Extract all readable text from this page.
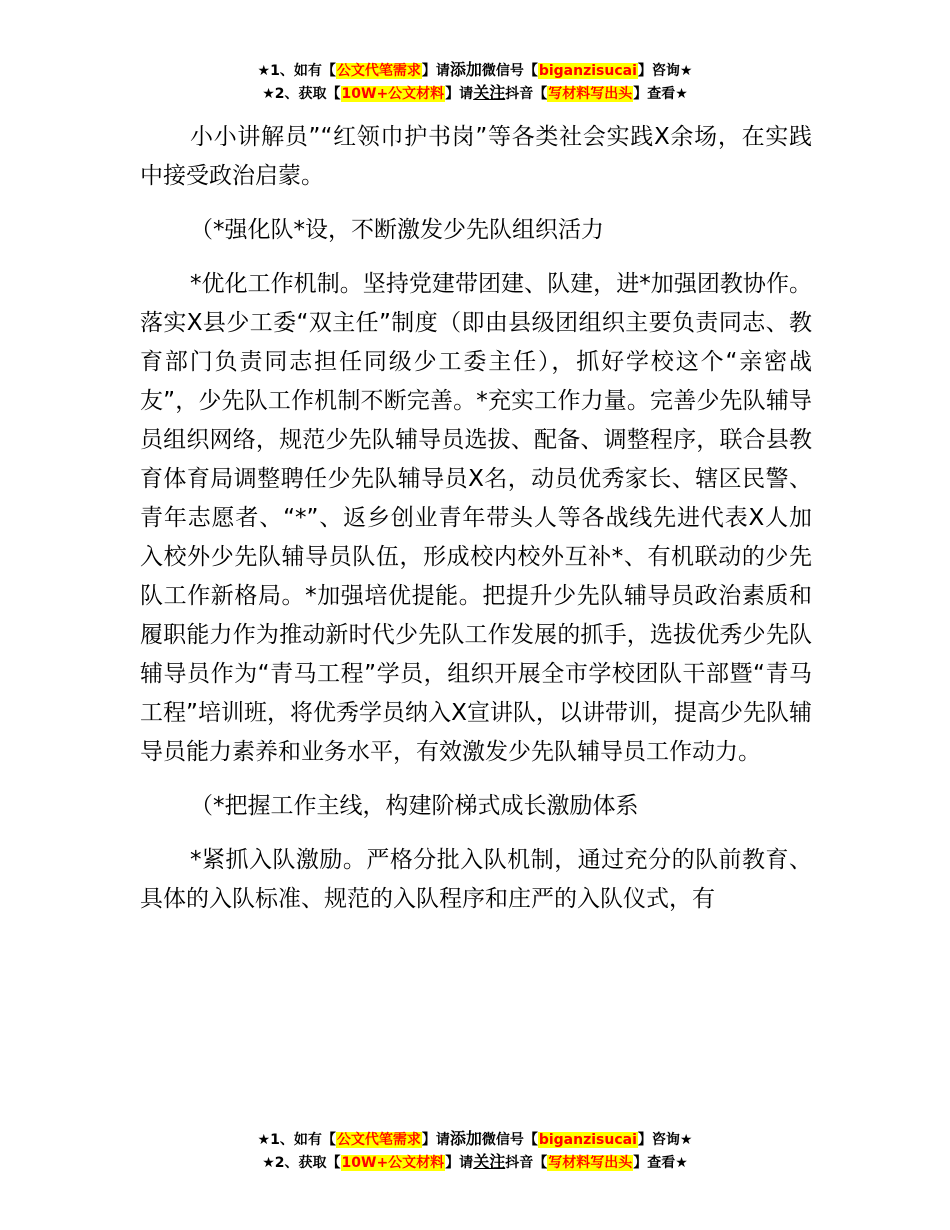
★1、如有【公文代笔需求】请添加微信号【biganzisucai】咨询★
★2、获取【10W+公文材料】请关注抖音【写材料写出头】查看★

小小讲解员”“红领巾护书岗”等各类社会实践X余场，在实践中接受政治启蒙。

（*强化队*设，不断激发少先队组织活力

*优化工作机制。坚持党建带团建、队建，进*加强团教协作。落实X县少工委“双主任”制度（即由县级团组织主要负责同志、教育部门负责同志担任同级少工委主任），抓好学校这个“亲密战友”，少先队工作机制不断完善。*充实工作力量。完善少先队辅导员组织网络，规范少先队辅导员选拔、配备、调整程序，联合县教育体育局调整聘任少先队辅导员X名，动员优秀家长、辖区民警、青年志愿者、“*”、返乡创业青年带头人等各战线先进代表X人加入校外少先队辅导员队伍，形成校内校外互补*、有机联动的少先队工作新格局。*加强培优提能。把提升少先队辅导员政治素质和履职能力作为推动新时代少先队工作发展的抓手，选拔优秀少先队辅导员作为“青马工程”学员，组织开展全市学校团队干部暨“青马工程”培训班，将优秀学员纳入X宣讲队，以讲带训，提高少先队辅导员能力素养和业务水平，有效激发少先队辅导员工作动力。

（*把握工作主线，构建阶梯式成长激励体系

*紧抓入队激励。严格分批入队机制，通过充分的队前教育、具体的入队标准、规范的入队程序和庄严的入队仪式，有

★1、如有【公文代笔需求】请添加微信号【biganzisucai】咨询★
★2、获取【10W+公文材料】请关注抖音【写材料写出头】查看★
